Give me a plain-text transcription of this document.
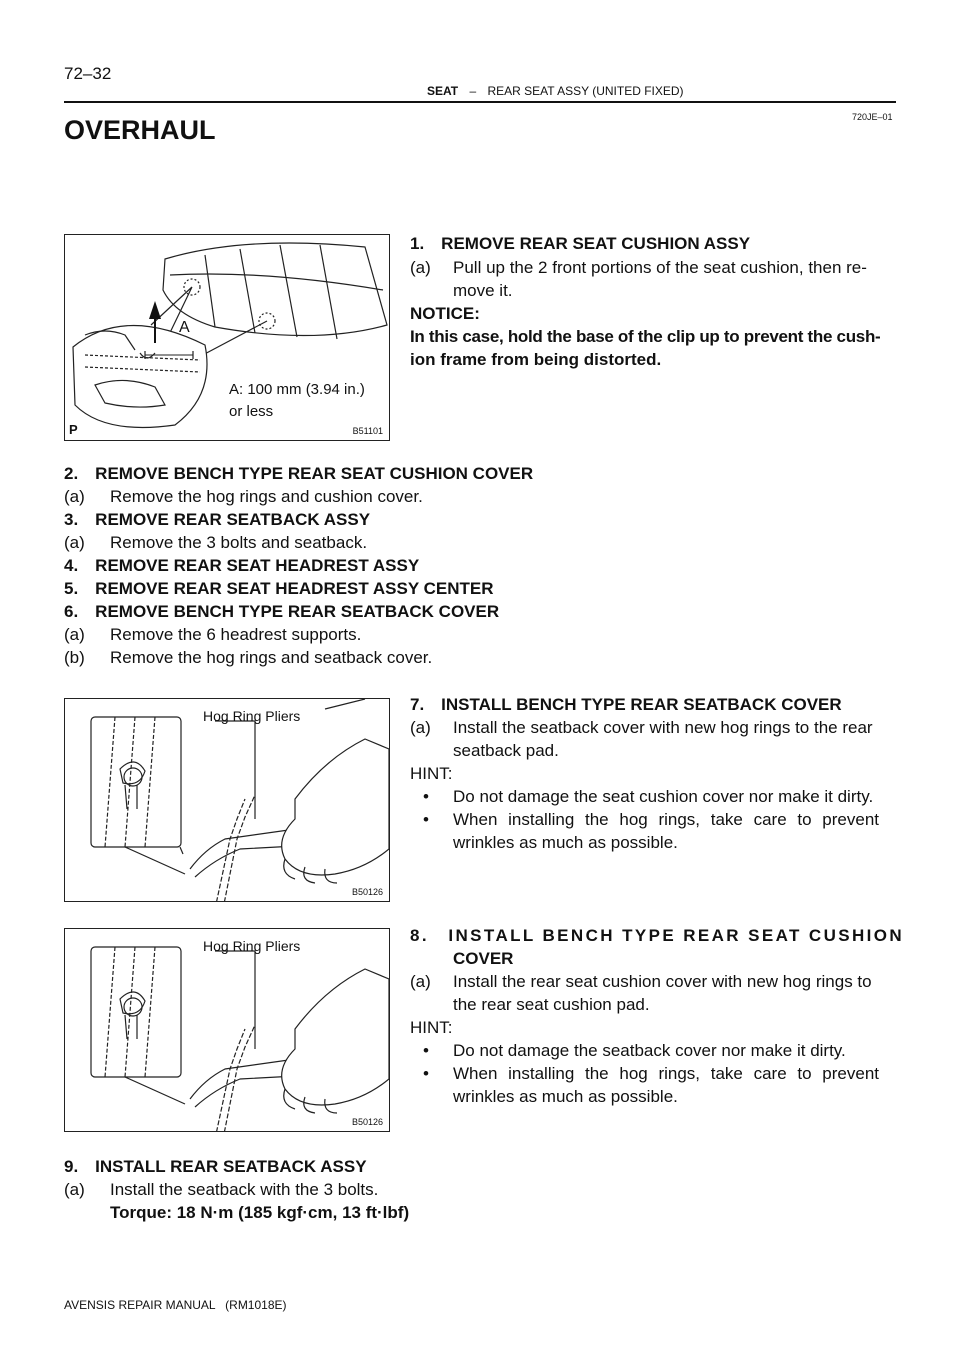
72–32
SEAT – REAR SEAT ASSY (UNITED FIXED)
720JE–01
OVERHAUL
A
A: 100 mm (3.94 in.)
or less
P	B51101
1. REMOVE REAR SEAT CUSHION ASSY
(a) Pull up the 2 front portions of the seat cushion, then re-
move it.
NOTICE:
In this case, hold the base of the clip up to prevent the cush-
ion frame from being distorted.
2. REMOVE BENCH TYPE REAR SEAT CUSHION COVER
(a) Remove the hog rings and cushion cover.
3. REMOVE REAR SEATBACK ASSY
(a) Remove the 3 bolts and seatback.
4. REMOVE REAR SEAT HEADREST ASSY
5. REMOVE REAR SEAT HEADREST ASSY CENTER
6. REMOVE BENCH TYPE REAR SEATBACK COVER
(a) Remove the 6 headrest supports.
(b) Remove the hog rings and seatback cover.
Hog Ring Pliers
B50126
7. INSTALL BENCH TYPE REAR SEATBACK COVER
(a) Install the seatback cover with new hog rings to the rear
seatback pad.
HINT:
• Do not damage the seat cushion cover nor make it dirty.
• When installing the hog rings, take care to prevent
wrinkles as much as possible.
Hog Ring Pliers
B50126
8. INSTALL BENCH TYPE REAR SEAT CUSHION
COVER
(a) Install the rear seat cushion cover with new hog rings to
the rear seat cushion pad.
HINT:
• Do not damage the seatback cover nor make it dirty.
• When installing the hog rings, take care to prevent
wrinkles as much as possible.
9. INSTALL REAR SEATBACK ASSY
(a) Install the seatback with the 3 bolts.
Torque: 18 N·m (185 kgf·cm, 13 ft·lbf)
AVENSIS REPAIR MANUAL   (RM1018E)
